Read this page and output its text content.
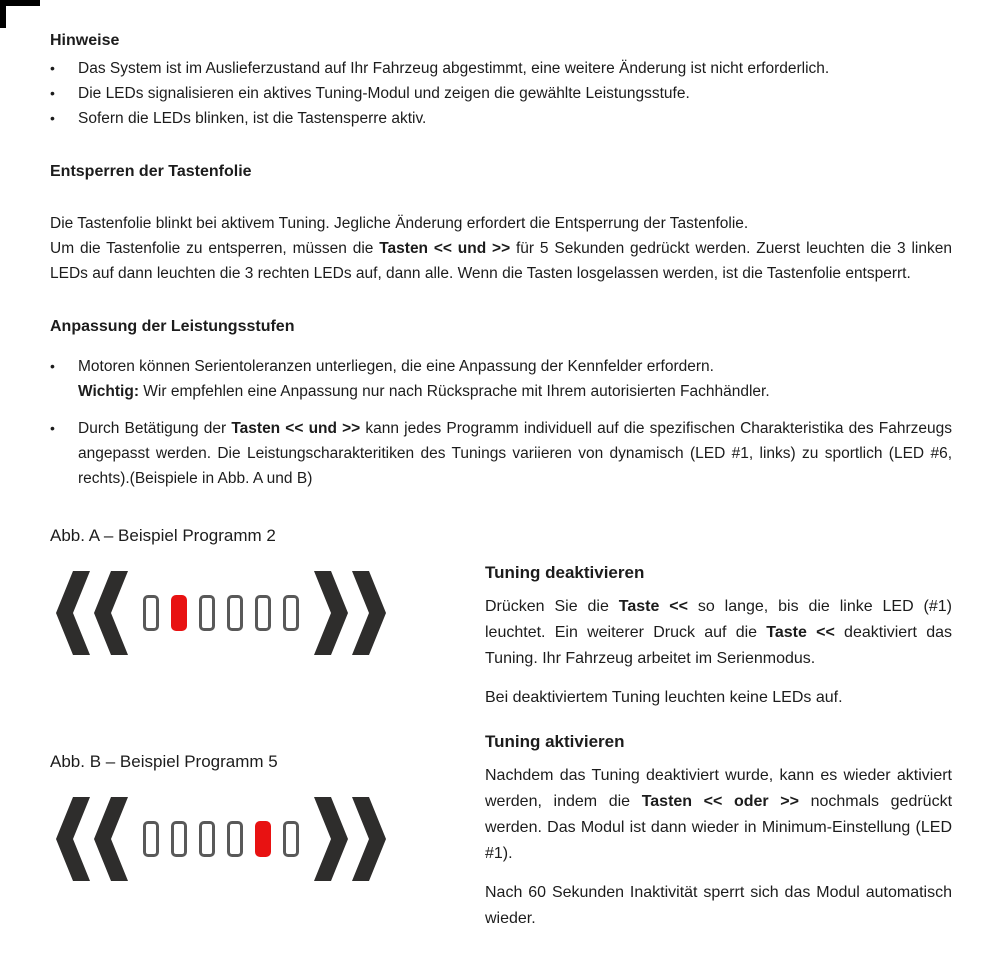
Hinweise
•	Das System ist im Auslieferzustand auf Ihr Fahrzeug abgestimmt, eine weitere Änderung ist nicht erforderlich.
•	Die LEDs signalisieren ein aktives Tuning-Modul und zeigen die gewählte Leistungsstufe.
•	Sofern die LEDs blinken, ist die Tastensperre aktiv.
Entsperren der Tastenfolie

Die Tastenfolie blinkt bei aktivem Tuning. Jegliche Änderung erfordert die Entsperrung der Tastenfolie.

Um die Tastenfolie zu entsperren, müssen die Tasten << und >> für 5 Sekunden gedrückt werden. Zuerst leuchten die 3 linken LEDs auf dann leuchten die 3 rechten LEDs auf, dann alle. Wenn die Tasten losgelassen werden, ist die Tastenfolie entsperrt.

Anpassung der Leistungsstufen
•	Motoren können Serientoleranzen unterliegen, die eine Anpassung der Kennfelder erfordern.
Wichtig: Wir empfehlen eine Anpassung nur nach Rücksprache mit Ihrem autorisierten Fachhändler.
•	Durch Betätigung der Tasten << und >> kann jedes Programm individuell auf die spezifischen Charakteristika des Fahrzeugs angepasst werden. Die Leistungscharakteritiken des Tunings variieren von dynamisch (LED #1, links) zu sportlich (LED #6, rechts).(Beispiele in Abb. A und B)

Abb. A – Beispiel Programm 2

Abb. B – Beispiel Programm 5

Tuning deaktivieren

Drücken Sie die Taste << so lange, bis die linke LED (#1) leuchtet. Ein weiterer Druck auf die Taste << deaktiviert das Tuning. Ihr Fahrzeug arbeitet im Serienmodus.

Bei deaktiviertem Tuning leuchten keine LEDs auf.

Tuning aktivieren

Nachdem das Tuning deaktiviert wurde, kann es wieder aktiviert werden, indem die Tasten << oder >> nochmals gedrückt werden. Das Modul ist dann wieder in Minimum-Einstellung (LED #1).

Nach 60 Sekunden Inaktivität sperrt sich das Modul automatisch wieder.
